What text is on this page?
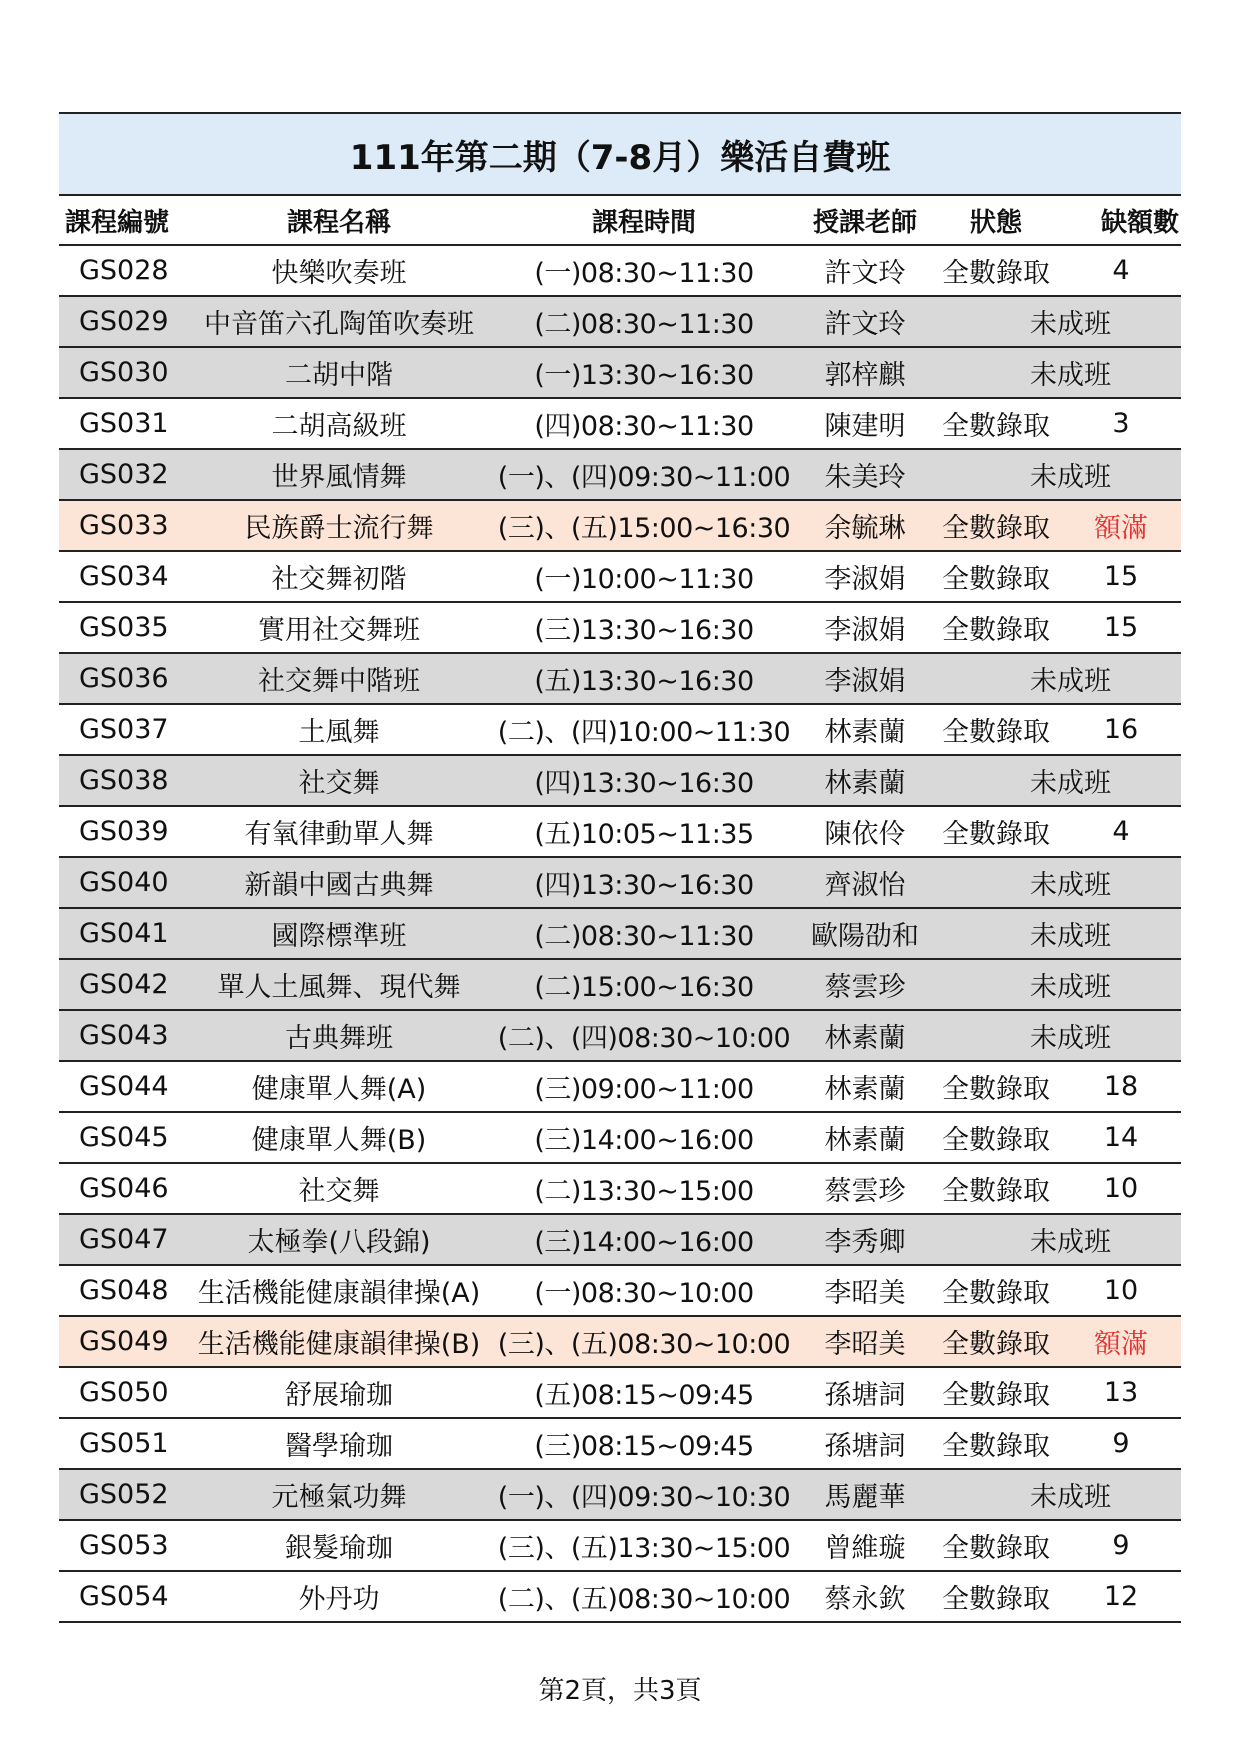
111年第二期（7-8月）樂活自費班
課程編號	課程名稱	課程時間	授課老師	狀態	缺額數
GS028	快樂吹奏班	(一)08:30~11:30	許文玲	全數錄取	4
GS029	中音笛六孔陶笛吹奏班	(二)08:30~11:30	許文玲	未成班	
GS030	二胡中階	(一)13:30~16:30	郭梓麒	未成班	
GS031	二胡高級班	(四)08:30~11:30	陳建明	全數錄取	3
GS032	世界風情舞	(一)、(四)09:30~11:00	朱美玲	未成班	
GS033	民族爵士流行舞	(三)、(五)15:00~16:30	余毓琳	全數錄取	額滿
GS034	社交舞初階	(一)10:00~11:30	李淑娟	全數錄取	15
GS035	實用社交舞班	(三)13:30~16:30	李淑娟	全數錄取	15
GS036	社交舞中階班	(五)13:30~16:30	李淑娟	未成班	
GS037	土風舞	(二)、(四)10:00~11:30	林素蘭	全數錄取	16
GS038	社交舞	(四)13:30~16:30	林素蘭	未成班	
GS039	有氧律動單人舞	(五)10:05~11:35	陳依伶	全數錄取	4
GS040	新韻中國古典舞	(四)13:30~16:30	齊淑怡	未成班	
GS041	國際標準班	(二)08:30~11:30	歐陽劭和	未成班	
GS042	單人土風舞、現代舞	(二)15:00~16:30	蔡雲珍	未成班	
GS043	古典舞班	(二)、(四)08:30~10:00	林素蘭	未成班	
GS044	健康單人舞(A)	(三)09:00~11:00	林素蘭	全數錄取	18
GS045	健康單人舞(B)	(三)14:00~16:00	林素蘭	全數錄取	14
GS046	社交舞	(二)13:30~15:00	蔡雲珍	全數錄取	10
GS047	太極拳(八段錦)	(三)14:00~16:00	李秀卿	未成班	
GS048	生活機能健康韻律操(A)	(一)08:30~10:00	李昭美	全數錄取	10
GS049	生活機能健康韻律操(B)	(三)、(五)08:30~10:00	李昭美	全數錄取	額滿
GS050	舒展瑜珈	(五)08:15~09:45	孫塘詞	全數錄取	13
GS051	醫學瑜珈	(三)08:15~09:45	孫塘詞	全數錄取	9
GS052	元極氣功舞	(一)、(四)09:30~10:30	馬麗華	未成班	
GS053	銀髮瑜珈	(三)、(五)13:30~15:00	曾維璇	全數錄取	9
GS054	外丹功	(二)、(五)08:30~10:00	蔡永欽	全數錄取	12
第2頁，共3頁
